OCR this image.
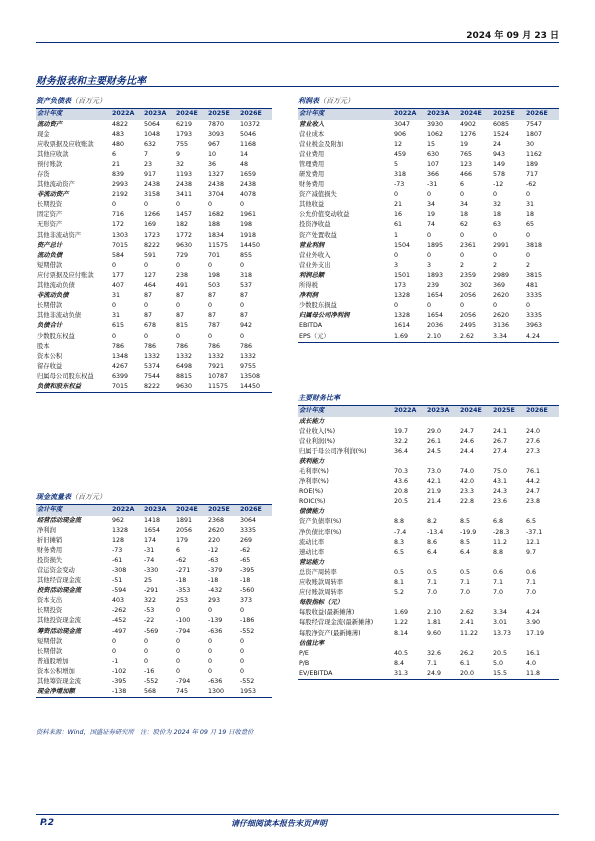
2024 年 09 月 23 日
财务报表和主要财务比率
资产负债表（百万元）
会计年度	2022A	2023A	2024E	2025E	2026E
流动资产	4822	5064	6219	7870	10372
现金	483	1048	1793	3093	5046
应收票据及应收账款	480	632	755	967	1168
其他应收款	6	7	9	10	14
预付账款	21	23	32	36	48
存货	839	917	1193	1327	1659
其他流动资产	2993	2438	2438	2438	2438
非流动资产	2192	3158	3411	3704	4078
长期投资	0	0	0	0	0
固定资产	716	1266	1457	1682	1961
无形资产	172	169	182	188	198
其他非流动资产	1303	1723	1772	1834	1918
资产总计	7015	8222	9630	11575	14450
流动负债	584	591	729	701	855
短期借款	0	0	0	0	0
应付票据及应付账款	177	127	238	198	318
其他流动负债	407	464	491	503	537
非流动负债	31	87	87	87	87
长期借款	0	0	0	0	0
其他非流动负债	31	87	87	87	87
负债合计	615	678	815	787	942
少数股东权益	0	0	0	0	0
股本	786	786	786	786	786
资本公积	1348	1332	1332	1332	1332
留存收益	4267	5374	6498	7921	9755
归属母公司股东权益	6399	7544	8815	10787	13508
负债和股东权益	7015	8222	9630	11575	14450
利润表（百万元）
会计年度	2022A	2023A	2024E	2025E	2026E
营业收入	3047	3930	4902	6085	7547
营业成本	906	1062	1276	1524	1807
营业税金及附加	12	15	19	24	30
营业费用	459	630	765	943	1162
管理费用	5	107	123	149	189
研发费用	318	366	466	578	717
财务费用	-73	-31	6	-12	-62
资产减值损失	0	0	0	0	0
其他收益	21	34	34	32	31
公允价值变动收益	16	19	18	18	18
投资净收益	61	74	62	63	65
资产处置收益	1	0	0	0	0
营业利润	1504	1895	2361	2991	3818
营业外收入	0	0	0	0	0
营业外支出	3	3	2	2	2
利润总额	1501	1893	2359	2989	3815
所得税	173	239	302	369	481
净利润	1328	1654	2056	2620	3335
少数股东损益	0	0	0	0	0
归属母公司净利润	1328	1654	2056	2620	3335
EBITDA	1614	2036	2495	3136	3963
EPS（元）	1.69	2.10	2.62	3.34	4.24
主要财务比率
会计年度	2022A	2023A	2024E	2025E	2026E
成长能力					
营业收入(%)	19.7	29.0	24.7	24.1	24.0
营业利润(%)	32.2	26.1	24.6	26.7	27.6
归属于母公司净利润(%)	36.4	24.5	24.4	27.4	27.3
获利能力					
毛利率(%)	70.3	73.0	74.0	75.0	76.1
净利率(%)	43.6	42.1	42.0	43.1	44.2
ROE(%)	20.8	21.9	23.3	24.3	24.7
ROIC(%)	20.5	21.4	22.8	23.6	23.8
偿债能力					
资产负债率(%)	8.8	8.2	8.5	6.8	6.5
净负债比率(%)	-7.4	-13.4	-19.9	-28.3	-37.1
流动比率	8.3	8.6	8.5	11.2	12.1
速动比率	6.5	6.4	6.4	8.8	9.7
营运能力					
总资产周转率	0.5	0.5	0.5	0.6	0.6
应收账款周转率	8.1	7.1	7.1	7.1	7.1
应付账款周转率	5.2	7.0	7.0	7.0	7.0
每股指标（元）					
每股收益(最新摊薄)	1.69	2.10	2.62	3.34	4.24
每股经营现金流(最新摊薄)	1.22	1.81	2.41	3.01	3.90
每股净资产(最新摊薄)	8.14	9.60	11.22	13.73	17.19
估值比率					
P/E	40.5	32.6	26.2	20.5	16.1
P/B	8.4	7.1	6.1	5.0	4.0
EV/EBITDA	31.3	24.9	20.0	15.5	11.8
现金流量表（百万元）
会计年度	2022A	2023A	2024E	2025E	2026E
经营活动现金流	962	1418	1891	2368	3064
净利润	1328	1654	2056	2620	3335
折旧摊销	128	174	179	220	269
财务费用	-73	-31	6	-12	-62
投资损失	-61	-74	-62	-63	-65
营运资金变动	-308	-330	-271	-379	-395
其他经营现金流	-51	25	-18	-18	-18
投资活动现金流	-594	-291	-353	-432	-560
资本支出	403	322	253	293	373
长期投资	-262	-53	0	0	0
其他投资现金流	-452	-22	-100	-139	-186
筹资活动现金流	-497	-569	-794	-636	-552
短期借款	0	0	0	0	0
长期借款	0	0	0	0	0
普通股增加	-1	0	0	0	0
资本公积增加	-102	-16	0	0	0
其他筹资现金流	-395	-552	-794	-636	-552
现金净增加额	-138	568	745	1300	1953
资料来源：Wind，国盛证券研究所　注：股价为 2024 年 09 月 19 日收盘价
P.2	请仔细阅读本报告末页声明
